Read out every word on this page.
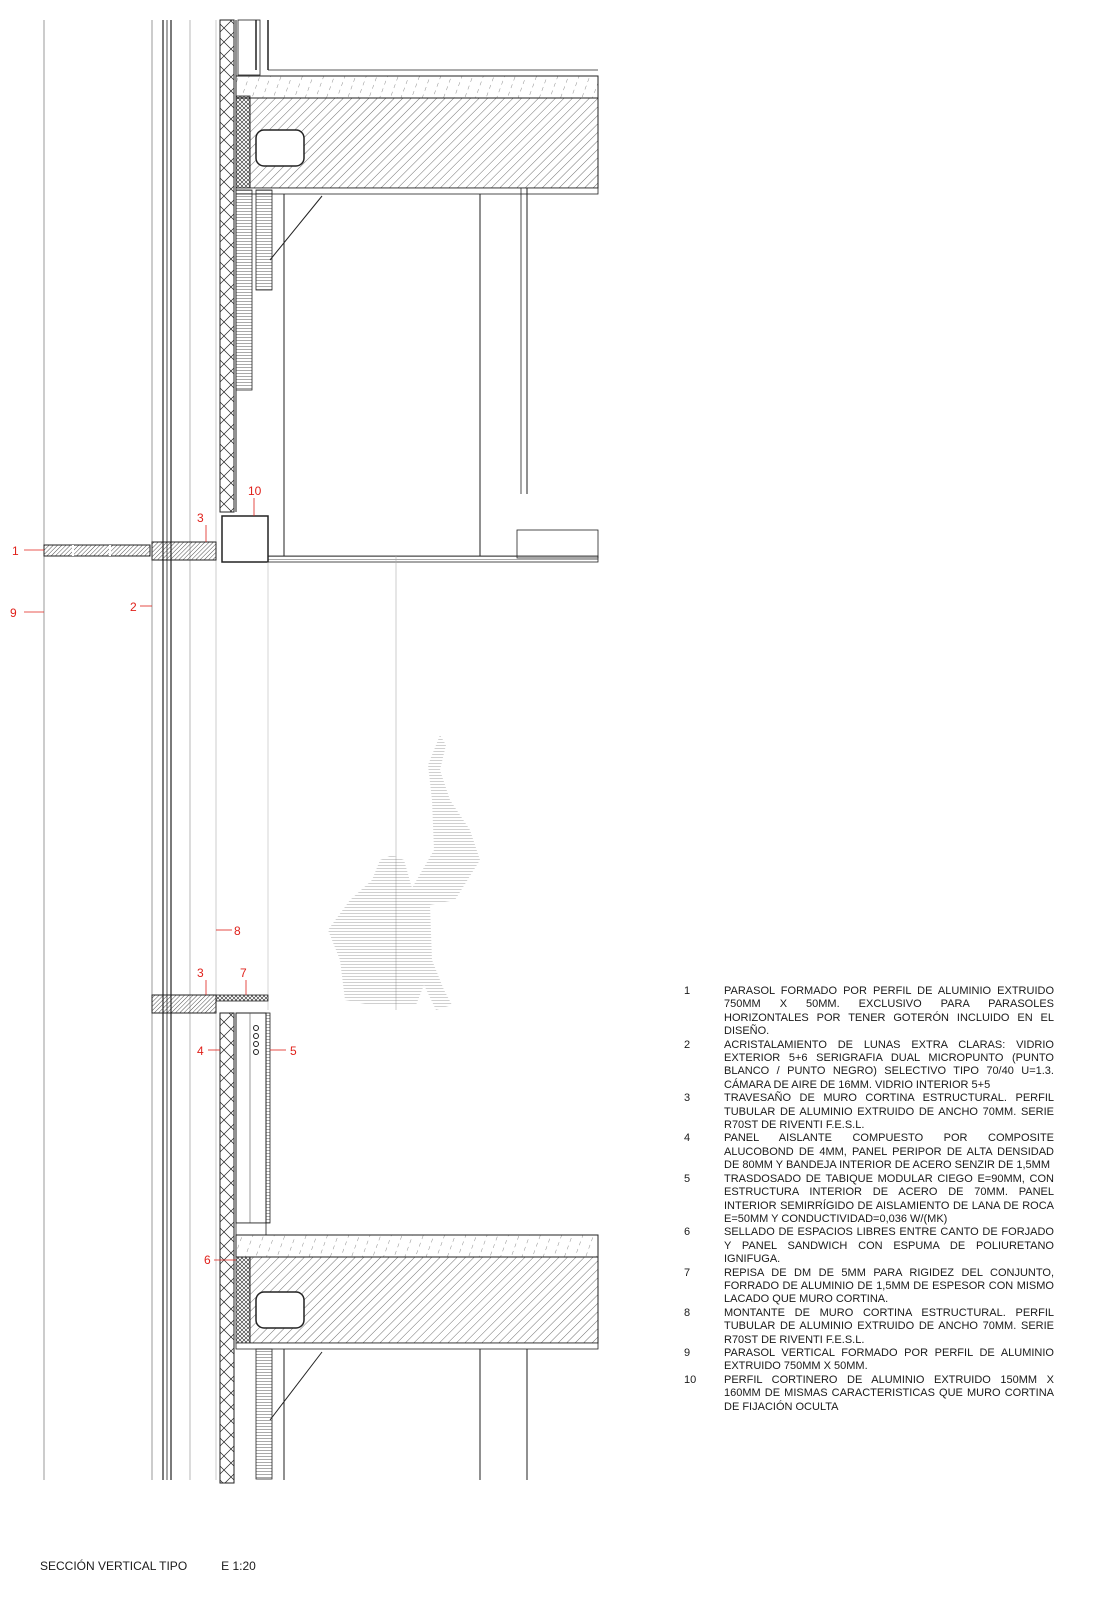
1
2
3
3
4	5
6
7
8
9
10
1	PARASOL FORMADO POR PERFIL DE ALUMINIO EXTRUIDO 750MM X 50MM. EXCLUSIVO PARA PARASOLES HORIZONTALES POR TENER GOTERÓN INCLUIDO EN EL DISEÑO.
2	ACRISTALAMIENTO DE LUNAS EXTRA CLARAS: VIDRIO EXTERIOR 5+6 SERIGRAFIA DUAL MICROPUNTO (PUNTO BLANCO / PUNTO NEGRO) SELECTIVO TIPO 70/40 U=1.3. CÁMARA DE AIRE DE 16MM. VIDRIO INTERIOR 5+5
3	TRAVESAÑO DE MURO CORTINA ESTRUCTURAL. PERFIL TUBULAR DE ALUMINIO EXTRUIDO DE ANCHO 70MM. SERIE R70ST DE RIVENTI F.E.S.L.
4	PANEL AISLANTE COMPUESTO POR COMPOSITE ALUCOBOND DE 4MM, PANEL PERIPOR DE ALTA DENSIDAD DE 80MM Y BANDEJA INTERIOR DE ACERO SENZIR DE 1,5MM
5	TRASDOSADO DE TABIQUE MODULAR CIEGO E=90MM, CON ESTRUCTURA INTERIOR DE ACERO DE 70MM. PANEL INTERIOR SEMIRRÍGIDO DE AISLAMIENTO DE LANA DE ROCA E=50MM Y CONDUCTIVIDAD=0,036 W/(MK)
6	SELLADO DE ESPACIOS LIBRES ENTRE CANTO DE FORJADO Y PANEL SANDWICH CON ESPUMA DE POLIURETANO IGNIFUGA.
7	REPISA DE DM DE 5MM PARA RIGIDEZ DEL CONJUNTO, FORRADO DE ALUMINIO DE 1,5MM DE ESPESOR CON MISMO LACADO QUE MURO CORTINA.
8	MONTANTE DE MURO CORTINA ESTRUCTURAL. PERFIL TUBULAR DE ALUMINIO EXTRUIDO DE ANCHO 70MM. SERIE R70ST DE RIVENTI F.E.S.L.
9	PARASOL VERTICAL FORMADO POR PERFIL DE ALUMINIO EXTRUIDO 750MM X 50MM.
10	PERFIL CORTINERO DE ALUMINIO EXTRUIDO 150MM X 160MM DE MISMAS CARACTERISTICAS QUE MURO CORTINA DE FIJACIÓN OCULTA
SECCIÓN VERTICAL TIPO	E 1:20
